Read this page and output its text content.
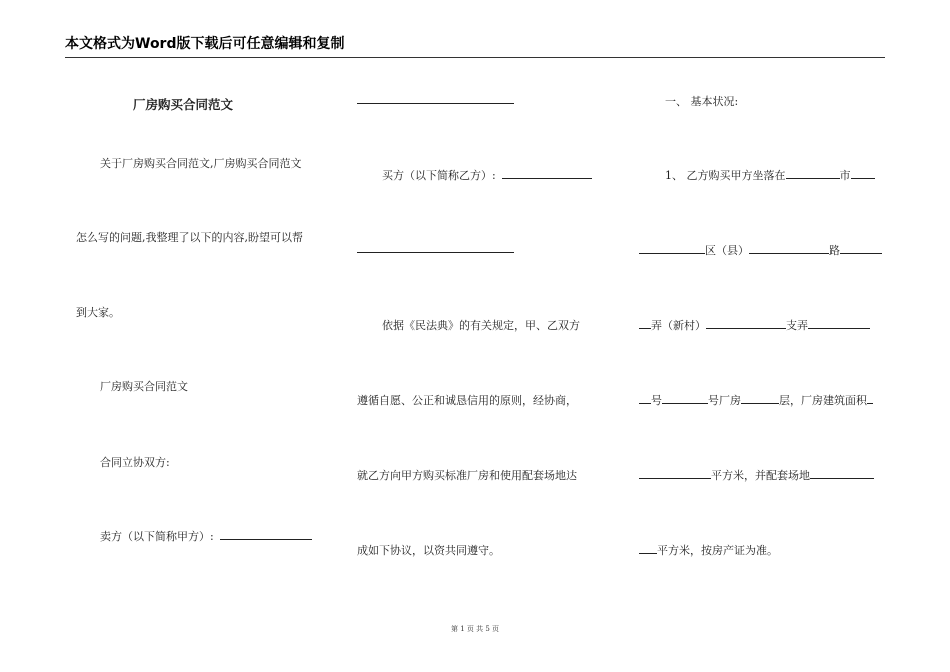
本文格式为Word版下载后可任意编辑和复制
厂房购买合同范文
关于厂房购买合同范文,厂房购买合同范文
怎么写的问题,我整理了以下的内容,盼望可以帮
到大家。
厂房购买合同范文
合同立协双方:
卖方（以下简称甲方）:
买方（以下简称乙方）:
依据《民法典》的有关规定，甲、乙双方
遵循自愿、公正和诚恳信用的原则，经协商，
就乙方向甲方购买标准厂房和使用配套场地达
成如下协议，以资共同遵守。
一、 基本状况:
1、 乙方购买甲方坐落在	市
区（县）	路
弄（新村）	支弄
号	号厂房	层，厂房建筑面积
平方米，并配套场地
平方米，按房产证为准。
第 1 页 共 5 页
